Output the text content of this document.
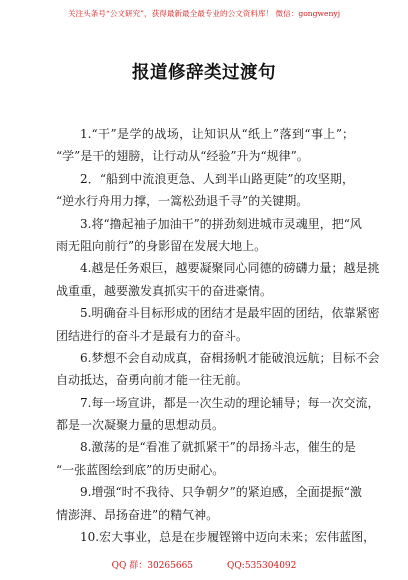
关注头条号“公文研究”，获得最新最全最专业的公文资料库！ 微信：gongwenyj
报道修辞类过渡句
1.“干”是学的战场，让知识从“纸上”落到“事上”；
“学”是干的翅膀，让行动从“经验”升为“规律”。
2．“船到中流浪更急、人到半山路更陡”的攻坚期，
“逆水行舟用力撑，一篙松劲退千寻”的关键期。
3.将“撸起袖子加油干”的拼劲刻进城市灵魂里，把“风
雨无阻向前行”的身影留在发展大地上。
4.越是任务艰巨，越要凝聚同心同德的磅礴力量；越是挑
战重重，越要激发真抓实干的奋进豪情。
5.明确奋斗目标形成的团结才是最牢固的团结，依靠紧密
团结进行的奋斗才是最有力的奋斗。
6.梦想不会自动成真，奋楫扬帆才能破浪远航；目标不会
自动抵达，奋勇向前才能一往无前。
7.每一场宣讲，都是一次生动的理论辅导；每一次交流，
都是一次凝聚力量的思想动员。
8.激荡的是“看准了就抓紧干”的昂扬斗志，催生的是
“一张蓝图绘到底”的历史耐心。
9.增强“时不我待、只争朝夕”的紧迫感，全面提振“激
情澎湃、昂扬奋进”的精气神。
10.宏大事业，总是在步履铿锵中迈向未来；宏伟蓝图，
QQ 群：30265665	QQ:535304092
